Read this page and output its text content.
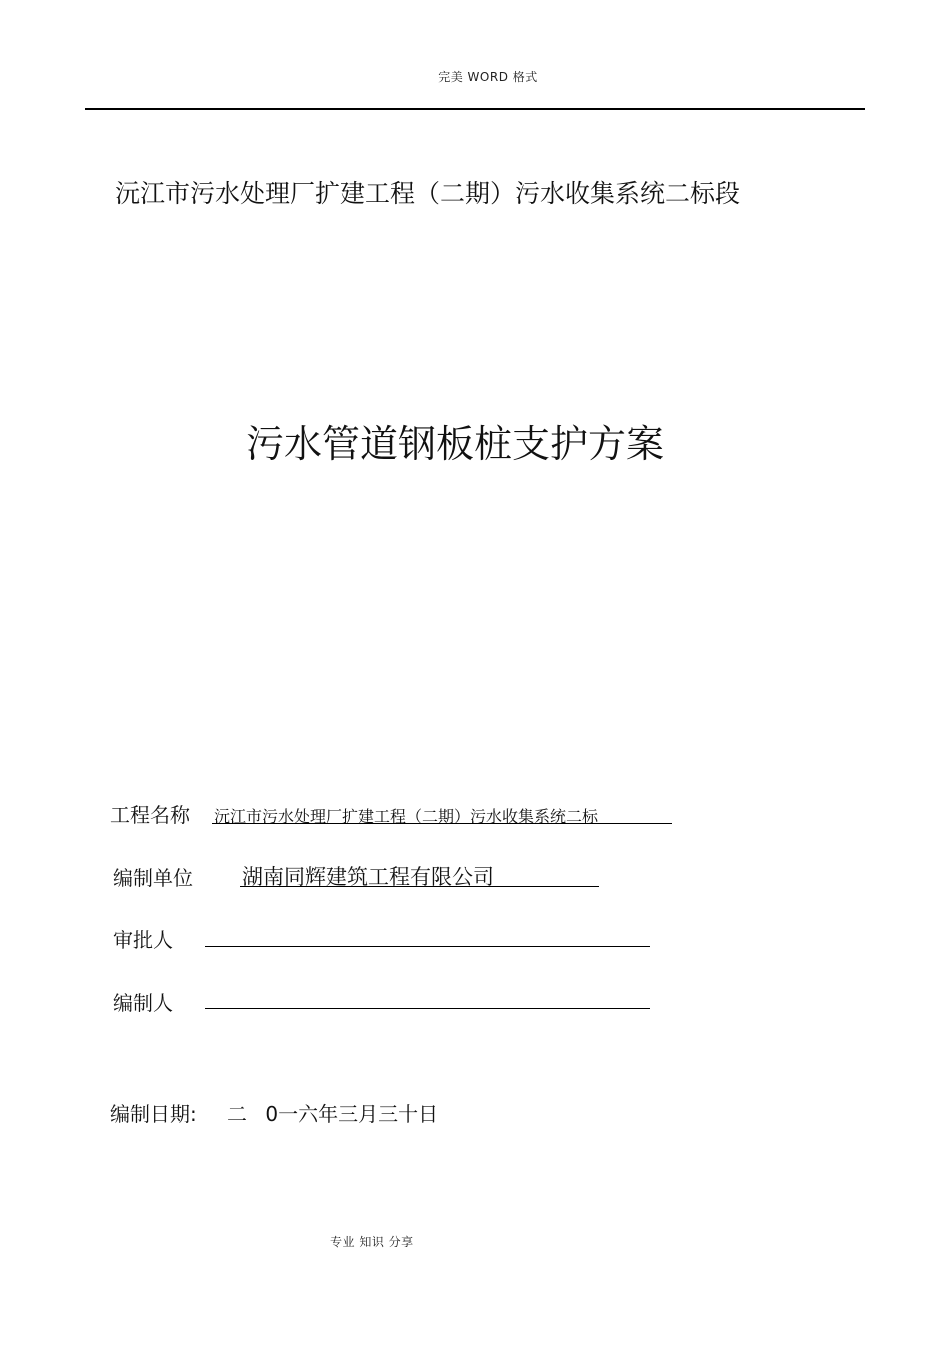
完美 WORD 格式
沅江市污水处理厂扩建工程（二期）污水收集系统二标段
污水管道钢板桩支护方案
工程名称 沅江市污水处理厂扩建工程（二期）污水收集系统二标
编制单位 湖南同辉建筑工程有限公司
审批人
编制人
编制日期: 二 0一六年三月三十日
专业 知识 分享
